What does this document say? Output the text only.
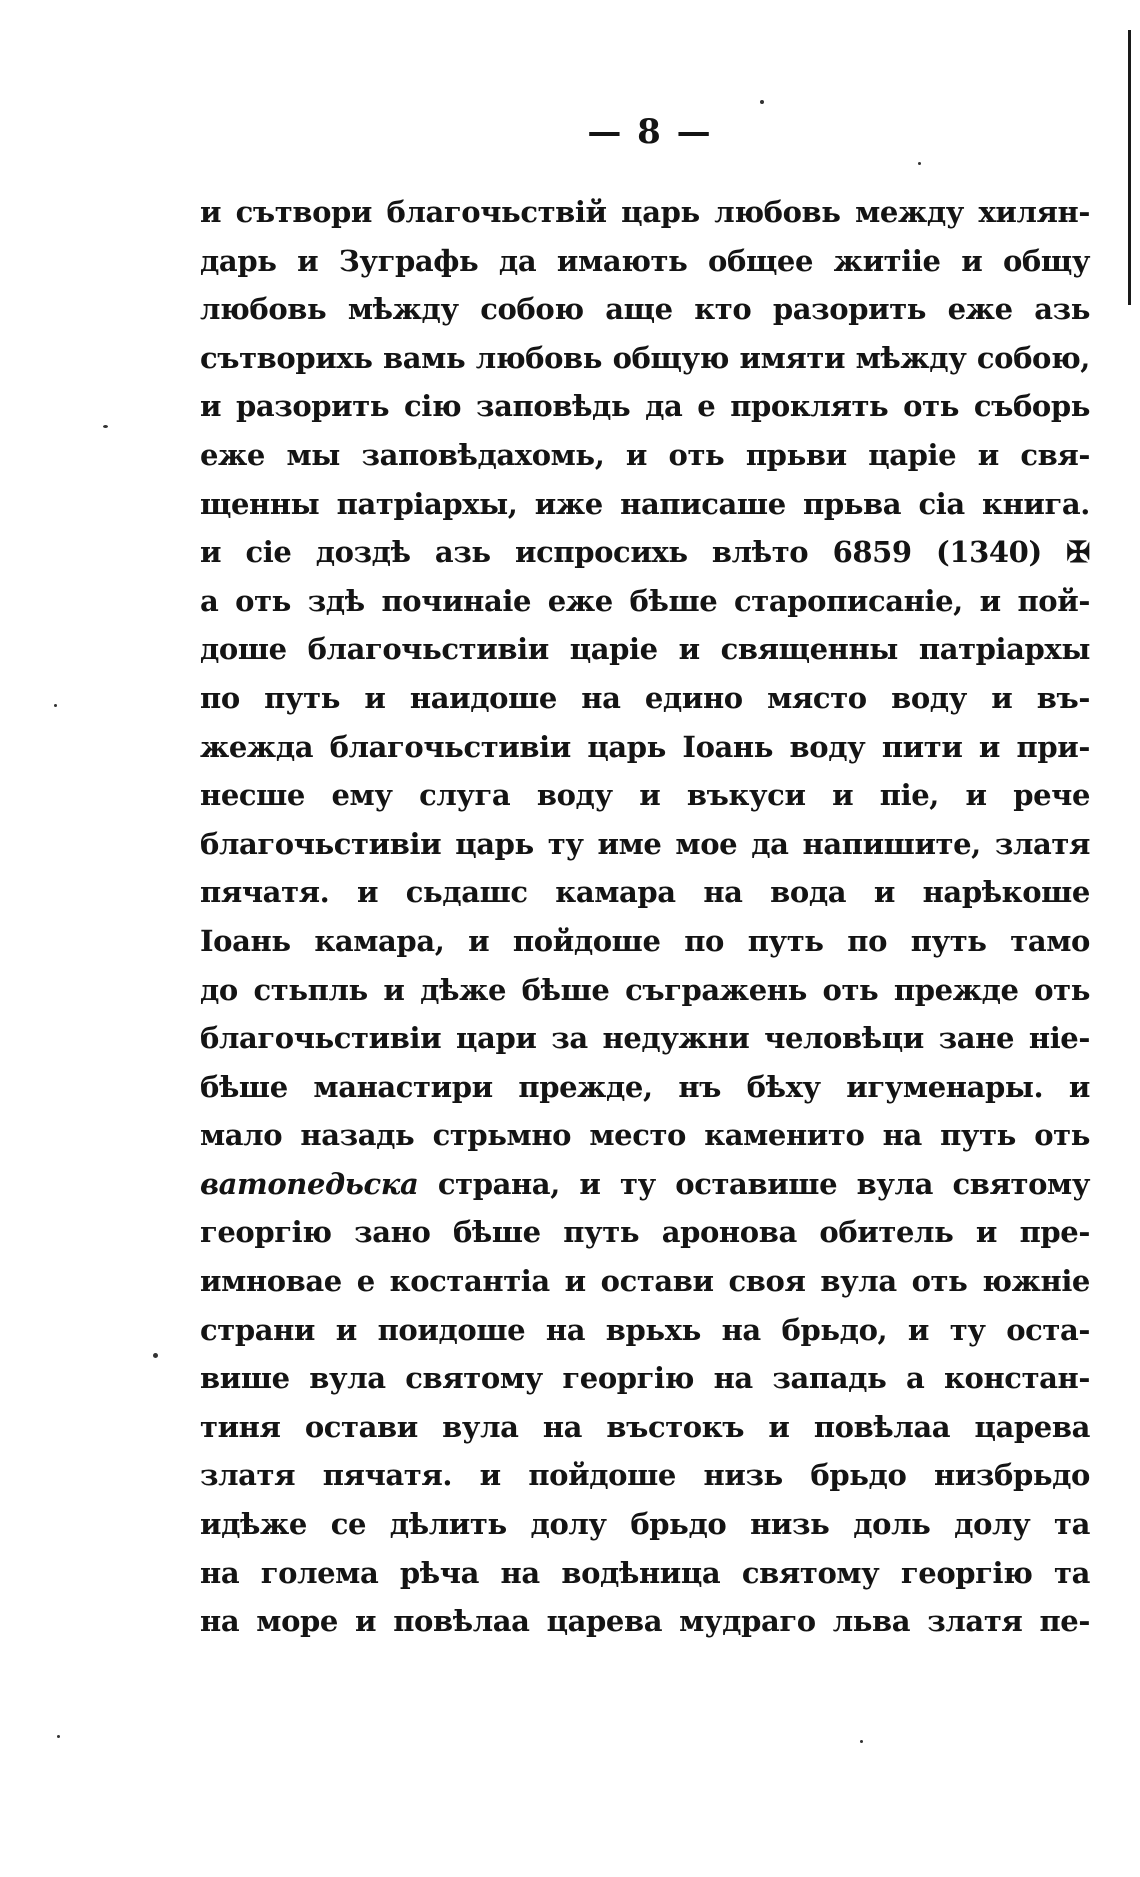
— 8 —
и сътвори благочьствій царь любовь между хилян-
дарь и Зуграфь да имають общее житііе и общу
любовь мѣжду собою аще кто разорить еже азь
сътворихь вамь любовь общую имяти мѣжду собою,
и разорить сію заповѣдь да е проклять оть съборь
еже мы заповѣдахомь, и оть прьви царіе и свя-
щенны патріархы, иже написаше прьва сіа книга.
и сіе доздѣ азь испросихь влѣто 6859 (1340) ✠
а оть здѣ починаіе еже бѣше старописаніе, и пой-
доше благочьстивіи царіе и священны патріархы
по путь и наидоше на едино място воду и въ-
жежда благочьстивіи царь Іоань воду пити и при-
несше ему слуга воду и въкуси и піе, и рече
благочьстивіи царь ту име мое да напишите, злaтя
пячатя. и сьдашс камара на вода и нарѣкоше
Іоань камара, и пойдоше по путь по путь тамо
до стьпль и дѣже бѣше съгражень оть прежде оть
благочьстивіи цари за недужни человѣци зане ніе-
бѣше манастири прежде, нъ бѣху игуменары. и
мало назадь стрьмно место каменито на путь оть
ватопедьска страна, и ту оставише вула святому
георгію зано бѣше путь аронова обитель и пре-
имновае е костантіа и остави своя вула оть южніе
страни и поидоше на врьхь на брьдо, и ту оста-
више вула святому георгію на западь а констан-
тиня остави вула на въстокъ и повѣлаа царева
златя пячатя. и пойдоше низь брьдо низбрьдо
идѣже се дѣлить долу брьдо низь доль долу та
на голема рѣча на водѣница святому георгію та
на море и повѣлаа царева мудраго льва златя пе-
